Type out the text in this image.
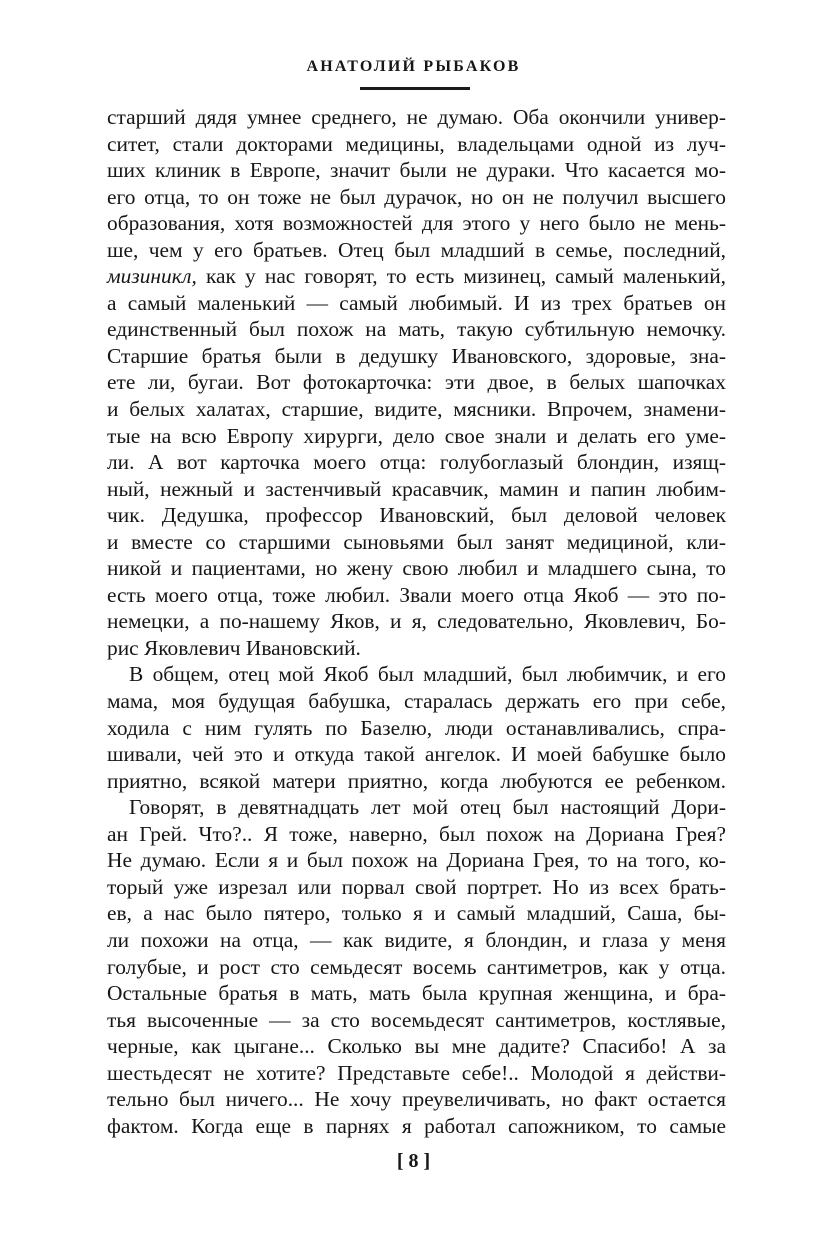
АНАТОЛИЙ РЫБАКОВ
старший дядя умнее среднего, не думаю. Оба окончили универ-
ситет, стали докторами медицины, владельцами одной из луч-
ших клиник в Европе, значит были не дураки. Что касается мо-
его отца, то он тоже не был дурачок, но он не получил высшего
образования, хотя возможностей для этого у него было не мень-
ше, чем у его братьев. Отец был младший в семье, последний,
мизиникл, как у нас говорят, то есть мизинец, самый маленький,
а самый маленький — самый любимый. И из трех братьев он
единственный был похож на мать, такую субтильную немочку.
Старшие братья были в дедушку Ивановского, здоровые, зна-
ете ли, бугаи. Вот фотокарточка: эти двое, в белых шапочках
и белых халатах, старшие, видите, мясники. Впрочем, знамени-
тые на всю Европу хирурги, дело свое знали и делать его уме-
ли. А вот карточка моего отца: голубоглазый блондин, изящ-
ный, нежный и застенчивый красавчик, мамин и папин любим-
чик. Дедушка, профессор Ивановский, был деловой человек
и вместе со старшими сыновьями был занят медициной, кли-
никой и пациентами, но жену свою любил и младшего сына, то
есть моего отца, тоже любил. Звали моего отца Якоб — это по-
немецки, а по-нашему Яков, и я, следовательно, Яковлевич, Бо-
рис Яковлевич Ивановский.
В общем, отец мой Якоб был младший, был любимчик, и его
мама, моя будущая бабушка, старалась держать его при себе,
ходила с ним гулять по Базелю, люди останавливались, спра-
шивали, чей это и откуда такой ангелок. И моей бабушке было
приятно, всякой матери приятно, когда любуются ее ребенком.
Говорят, в девятнадцать лет мой отец был настоящий Дори-
ан Грей. Что?.. Я тоже, наверно, был похож на Дориана Грея?
Не думаю. Если я и был похож на Дориана Грея, то на того, ко-
торый уже изрезал или порвал свой портрет. Но из всех брать-
ев, а нас было пятеро, только я и самый младший, Саша, бы-
ли похожи на отца, — как видите, я блондин, и глаза у меня
голубые, и рост сто семьдесят восемь сантиметров, как у отца.
Остальные братья в мать, мать была крупная женщина, и бра-
тья высоченные — за сто восемьдесят сантиметров, костлявые,
черные, как цыгане... Сколько вы мне дадите? Спасибо! А за
шестьдесят не хотите? Представьте себе!.. Молодой я действи-
тельно был ничего... Не хочу преувеличивать, но факт остается
фактом. Когда еще в парнях я работал сапожником, то самые
[ 8 ]
